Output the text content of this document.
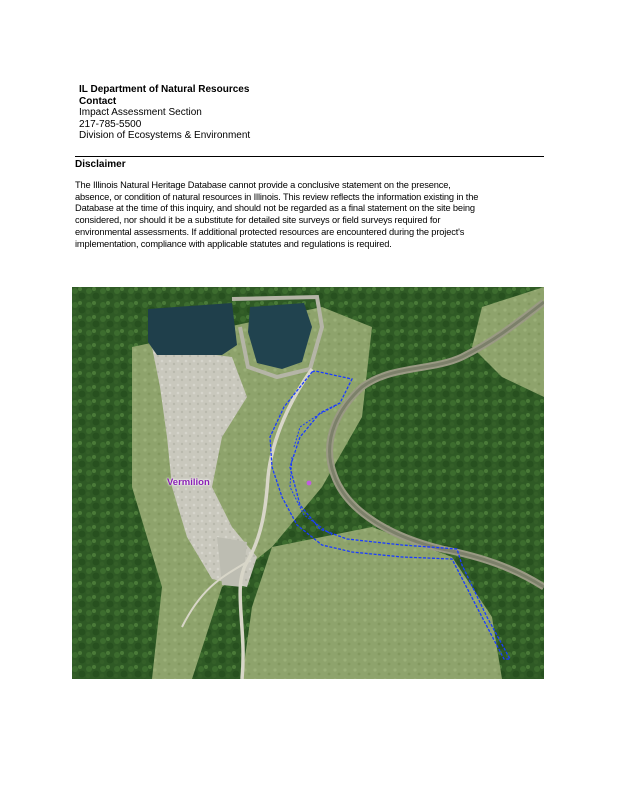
IL Department of Natural Resources
Contact
Impact Assessment Section
217-785-5500
Division of Ecosystems & Environment
Disclaimer
The Illinois Natural Heritage Database cannot provide a conclusive statement on the presence,
absence, or condition of natural resources in Illinois. This review reflects the information existing in the
Database at the time of this inquiry, and should not be regarded as a final statement on the site being
considered, nor should it be a substitute for detailed site surveys or field surveys required for
environmental assessments. If additional protected resources are encountered during the project's
implementation, compliance with applicable statutes and regulations is required.
Vermilion
